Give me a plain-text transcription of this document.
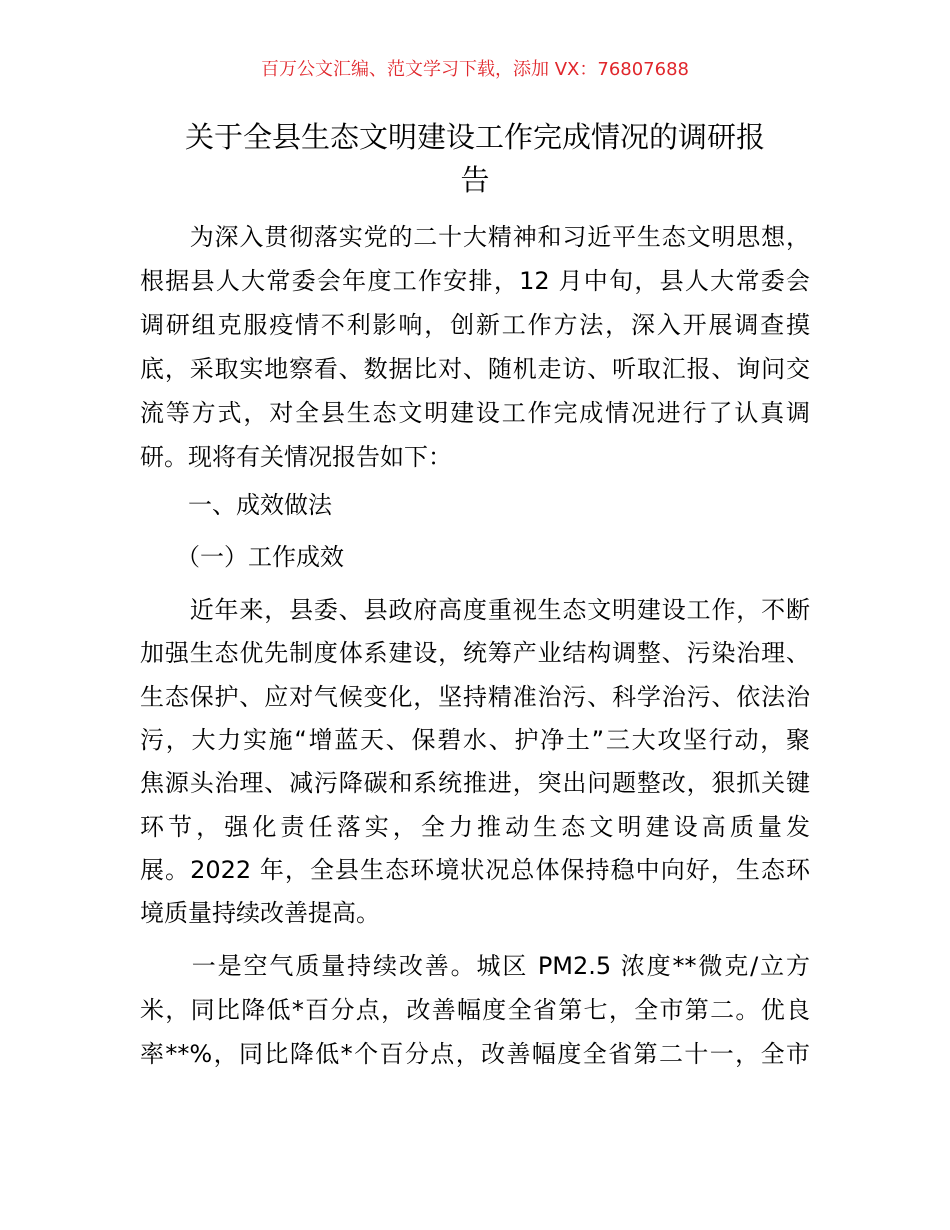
百万公文汇编、范文学习下载，添加 VX：76807688
关于全县生态文明建设工作完成情况的调研报
告
　　为深入贯彻落实党的二十大精神和习近平生态文明思想，
根据县人大常委会年度工作安排，12 月中旬，县人大常委会
调研组克服疫情不利影响，创新工作方法，深入开展调查摸
底，采取实地察看、数据比对、随机走访、听取汇报、询问交
流等方式，对全县生态文明建设工作完成情况进行了认真调
研。现将有关情况报告如下：
　　一、成效做法
　　（一）工作成效
　　近年来，县委、县政府高度重视生态文明建设工作，不断
加强生态优先制度体系建设，统筹产业结构调整、污染治理、
生态保护、应对气候变化，坚持精准治污、科学治污、依法治
污，大力实施“增蓝天、保碧水、护净土”三大攻坚行动，聚
焦源头治理、减污降碳和系统推进，突出问题整改，狠抓关键
环节，强化责任落实，全力推动生态文明建设高质量发
展。2022 年，全县生态环境状况总体保持稳中向好，生态环
境质量持续改善提高。
　　一是空气质量持续改善。城区 PM2.5 浓度**微克/立方
米，同比降低*百分点，改善幅度全省第七，全市第二。优良
率**%，同比降低*个百分点，改善幅度全省第二十一，全市
